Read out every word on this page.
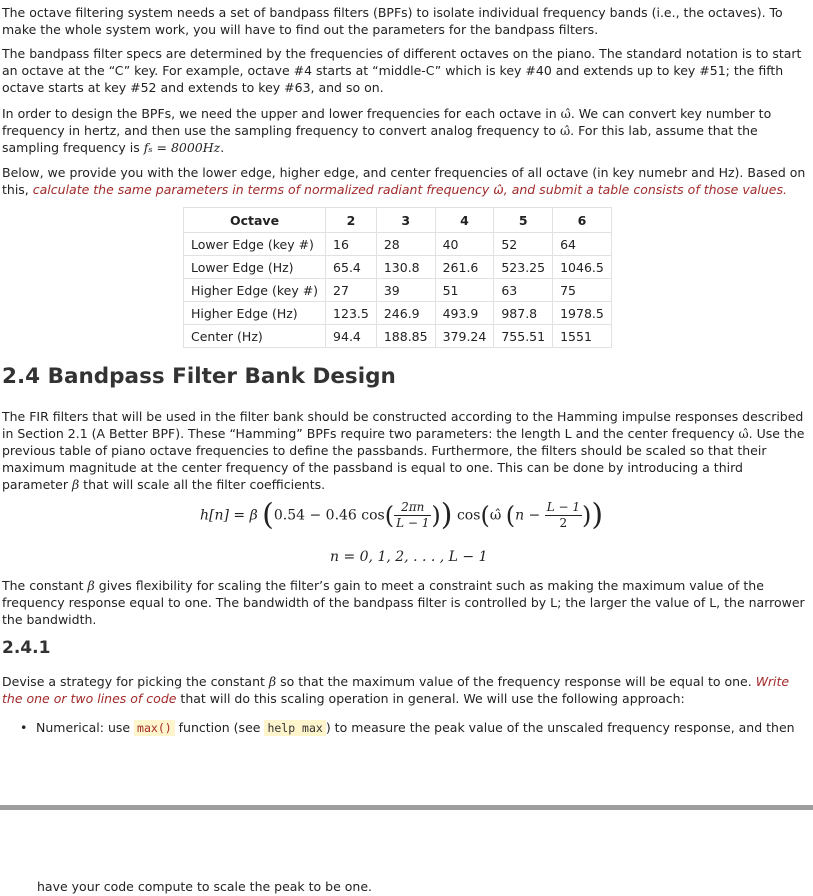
The octave filtering system needs a set of bandpass filters (BPFs) to isolate individual frequency bands (i.e., the octaves). To make the whole system work, you will have to find out the parameters for the bandpass filters.

The bandpass filter specs are determined by the frequencies of different octaves on the piano. The standard notation is to start an octave at the “C” key. For example, octave #4 starts at “middle-C” which is key #40 and extends up to key #51; the fifth octave starts at key #52 and extends to key #63, and so on.

In order to design the BPFs, we need the upper and lower frequencies for each octave in ω̂. We can convert key number to frequency in hertz, and then use the sampling frequency to convert analog frequency to ω̂. For this lab, assume that the sampling frequency is fₛ = 8000Hz.

Below, we provide you with the lower edge, higher edge, and center frequencies of all octave (in key numebr and Hz). Based on this, calculate the same parameters in terms of normalized radiant frequency ω̂, and submit a table consists of those values.

Octave	2	3	4	5	6
Lower Edge (key #)	16	28	40	52	64
Lower Edge (Hz)	65.4	130.8	261.6	523.25	1046.5
Higher Edge (key #)	27	39	51	63	75
Higher Edge (Hz)	123.5	246.9	493.9	987.8	1978.5
Center (Hz)	94.4	188.85	379.24	755.51	1551
2.4 Bandpass Filter Bank Design

The FIR filters that will be used in the filter bank should be constructed according to the Hamming impulse responses described in Section 2.1 (A Better BPF). These “Hamming” BPFs require two parameters: the length L and the center frequency ω̂. Use the previous table of piano octave frequencies to define the passbands. Furthermore, the filters should be scaled so that their maximum magnitude at the center frequency of the passband is equal to one. This can be done by introducing a third parameter β that will scale all the filter coefficients.

h[n] = β (0.54 − 0.46 $\cos( \frac{2\pi n}{L - 1}$ )) cos(ω̂ ($n - \frac{L - 1}{2}$ ))
n = 0, 1, 2, . . . , L − 1

The constant β gives flexibility for scaling the filter’s gain to meet a constraint such as making the maximum value of the frequency response equal to one. The bandwidth of the bandpass filter is controlled by L; the larger the value of L, the narrower the bandwidth.

2.4.1

Devise a strategy for picking the constant β so that the maximum value of the frequency response will be equal to one. Write the one or two lines of code that will do this scaling operation in general. We will use the following approach:

• Numerical: use max() function (see help max ) to measure the peak value of the unscaled frequency response, and then

have your code compute to scale the peak to be one.
